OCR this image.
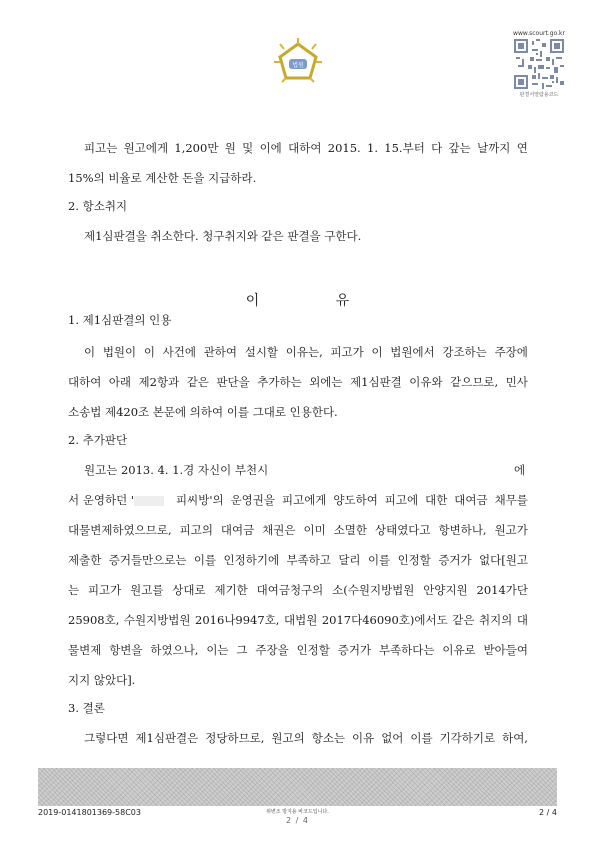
법원
www.scourt.go.kr
판결서열람용코드
피고는 원고에게 1,200만 원 및 이에 대하여 2015. 1. 15.부터 다 갚는 날까지 연
15%의 비율로 계산한 돈을 지급하라.
2. 항소취지
제1심판결을 취소한다. 청구취지와 같은 판결을 구한다.
1. 제1심판결의 인용
이 법원이 이 사건에 관하여 설시할 이유는, 피고가 이 법원에서 강조하는 주장에
대하여 아래 제2항과 같은 판단을 추가하는 외에는 제1심판결 이유와 같으므로, 민사
소송법 제420조 본문에 의하여 이를 그대로 인용한다.
2. 추가판단
원고는 2013. 4. 1.경 자신이 부천시	에
서 운영하던 '	피씨방'의 운영권을 피고에게 양도하여 피고에 대한 대여금 채무를
대물변제하였으므로, 피고의 대여금 채권은 이미 소멸한 상태였다고 항변하나, 원고가
제출한 증거들만으로는 이를 인정하기에 부족하고 달리 이를 인정할 증거가 없다[원고
는 피고가 원고를 상대로 제기한 대여금청구의 소(수원지방법원 안양지원 2014가단
25908호, 수원지방법원 2016나9947호, 대법원 2017다46090호)에서도 같은 취지의 대
물변제 항변을 하였으나, 이는 그 주장을 인정할 증거가 부족하다는 이유로 받아들여
지지 않았다].
3. 결론
그렇다면 제1심판결은 정당하므로, 원고의 항소는 이유 없어 이를 기각하기로 하여,
이 유
2019-0141801369-58C03	위변조 방지용 바코드입니다.
2 / 4
2 / 4
